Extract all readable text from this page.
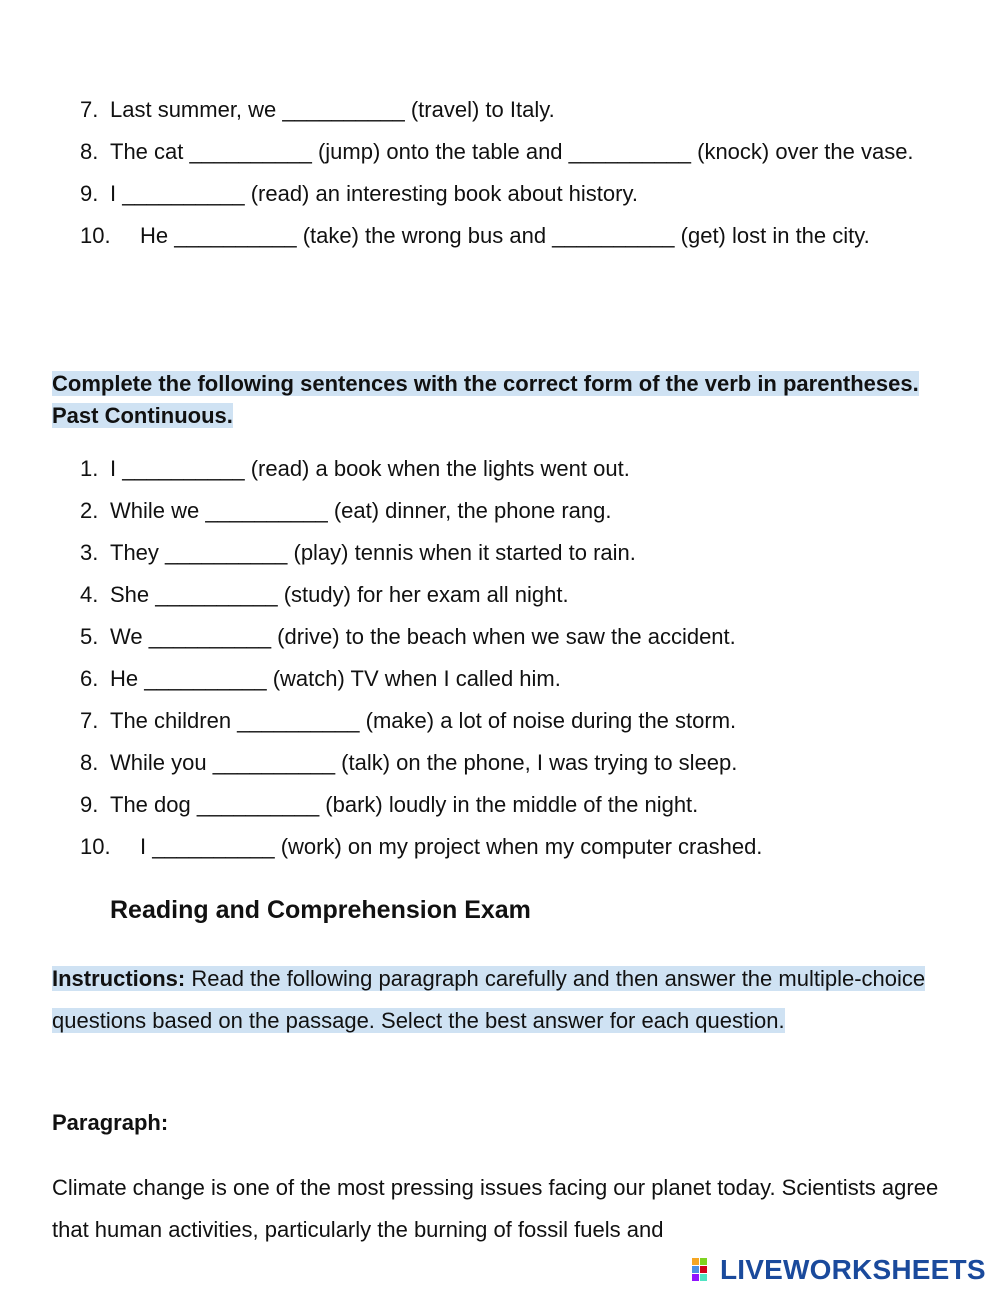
7. Last summer, we __________ (travel) to Italy.
8. The cat __________ (jump) onto the table and __________ (knock) over the vase.
9. I __________ (read) an interesting book about history.
10. He __________ (take) the wrong bus and __________ (get) lost in the city.
Complete the following sentences with the correct form of the verb in parentheses. Past Continuous.
1. I __________ (read) a book when the lights went out.
2. While we __________ (eat) dinner, the phone rang.
3. They __________ (play) tennis when it started to rain.
4. She __________ (study) for her exam all night.
5. We __________ (drive) to the beach when we saw the accident.
6. He __________ (watch) TV when I called him.
7. The children __________ (make) a lot of noise during the storm.
8. While you __________ (talk) on the phone, I was trying to sleep.
9. The dog __________ (bark) loudly in the middle of the night.
10. I __________ (work) on my project when my computer crashed.
Reading and Comprehension Exam
Instructions: Read the following paragraph carefully and then answer the multiple-choice questions based on the passage. Select the best answer for each question.
Paragraph:
Climate change is one of the most pressing issues facing our planet today. Scientists agree that human activities, particularly the burning of fossil fuels and
LIVEWORKSHEETS
